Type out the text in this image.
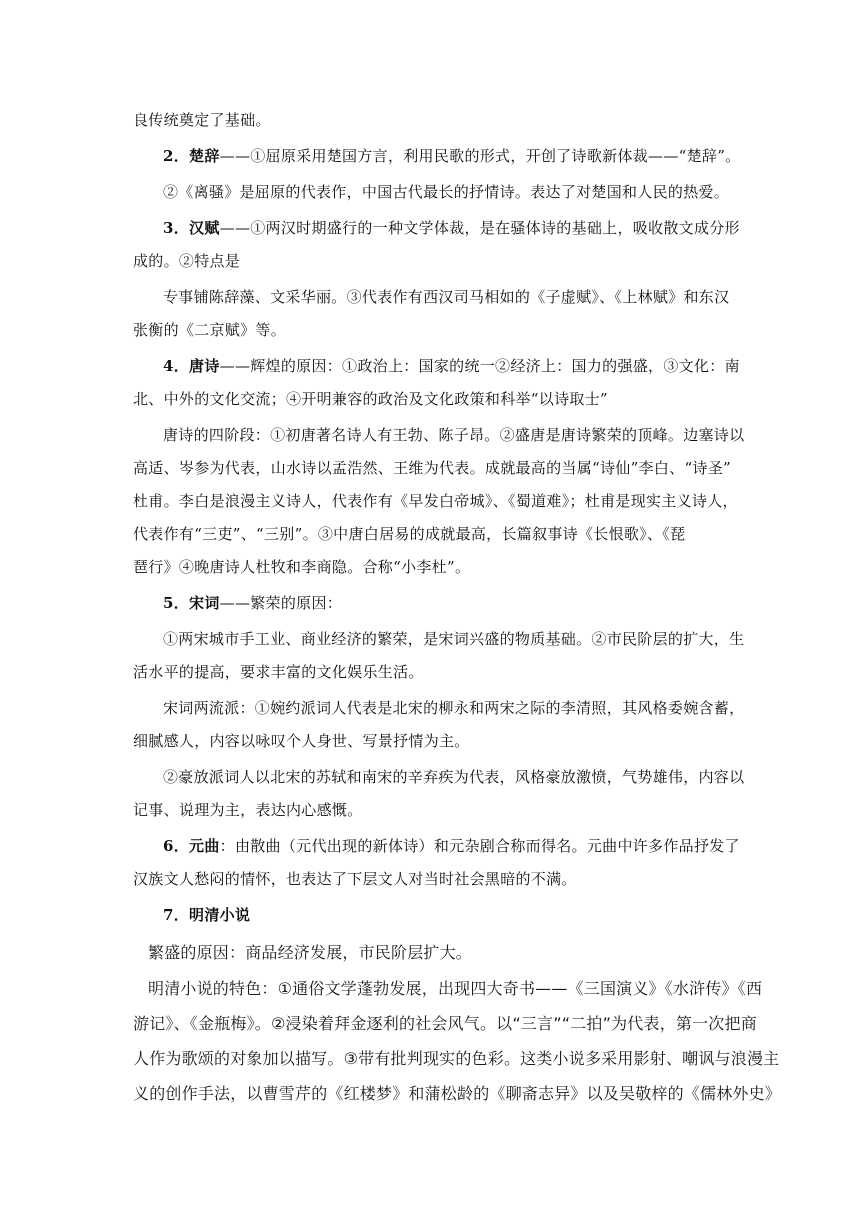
良传统奠定了基础。

2．楚辞——①屈原采用楚国方言，利用民歌的形式，开创了诗歌新体裁——“楚辞”。

②《离骚》是屈原的代表作，中国古代最长的抒情诗。表达了对楚国和人民的热爱。

3．汉赋——①两汉时期盛行的一种文学体裁，是在骚体诗的基础上，吸收散文成分形

成的。②特点是

专事铺陈辞藻、文采华丽。③代表作有西汉司马相如的《子虚赋》、《上林赋》和东汉

张衡的《二京赋》等。

4．唐诗——辉煌的原因：①政治上：国家的统一②经济上：国力的强盛，③文化：南

北、中外的文化交流；④开明兼容的政治及文化政策和科举“以诗取士”

唐诗的四阶段：①初唐著名诗人有王勃、陈子昂。②盛唐是唐诗繁荣的顶峰。边塞诗以

高适、岑参为代表，山水诗以孟浩然、王维为代表。成就最高的当属“诗仙”李白、“诗圣”

杜甫。李白是浪漫主义诗人，代表作有《早发白帝城》、《蜀道难》；杜甫是现实主义诗人，

代表作有“三吏”、“三别”。③中唐白居易的成就最高，长篇叙事诗《长恨歌》、《琵

琶行》④晚唐诗人杜牧和李商隐。合称“小李杜”。

5．宋词——繁荣的原因：

①两宋城市手工业、商业经济的繁荣，是宋词兴盛的物质基础。②市民阶层的扩大，生

活水平的提高，要求丰富的文化娱乐生活。

宋词两流派：①婉约派词人代表是北宋的柳永和两宋之际的李清照，其风格委婉含蓄，

细腻感人，内容以咏叹个人身世、写景抒情为主。

②豪放派词人以北宋的苏轼和南宋的辛弃疾为代表，风格豪放激愤，气势雄伟，内容以

记事、说理为主，表达内心感慨。

6．元曲：由散曲（元代出现的新体诗）和元杂剧合称而得名。元曲中许多作品抒发了

汉族文人愁闷的情怀，也表达了下层文人对当时社会黑暗的不满。

7．明清小说

繁盛的原因：商品经济发展，市民阶层扩大。

明清小说的特色：①通俗文学蓬勃发展，出现四大奇书——《三国演义》《水浒传》《西

游记》、《金瓶梅》。②浸染着拜金逐利的社会风气。以“三言”“二拍”为代表，第一次把商

人作为歌颂的对象加以描写。③带有批判现实的色彩。这类小说多采用影射、嘲讽与浪漫主

义的创作手法，以曹雪芹的《红楼梦》和蒲松龄的《聊斋志异》以及吴敬梓的《儒林外史》
